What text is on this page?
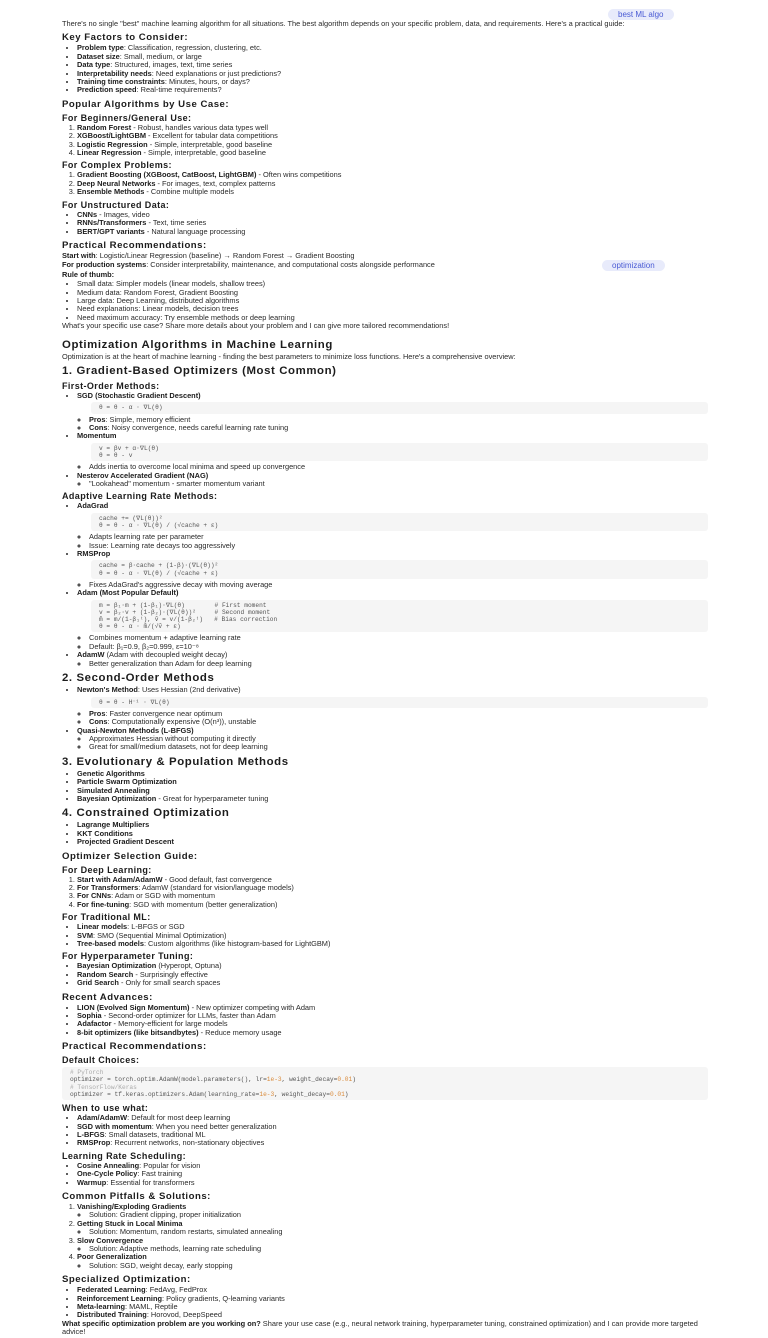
best ML algo
optimization

There's no single "best" machine learning algorithm for all situations. The best algorithm depends on your specific problem, data, and requirements. Here's a practical guide:

Key Factors to Consider:
• Problem type: Classification, regression, clustering, etc.
• Dataset size: Small, medium, or large
• Data type: Structured, images, text, time series
• Interpretability needs: Need explanations or just predictions?
• Training time constraints: Minutes, hours, or days?
• Prediction speed: Real-time requirements?
Popular Algorithms by Use Case:
For Beginners/General Use:
1. Random Forest - Robust, handles various data types well
2. XGBoost/LightGBM - Excellent for tabular data competitions
3. Logistic Regression - Simple, interpretable, good baseline
4. Linear Regression - Simple, interpretable, good baseline
For Complex Problems:
1. Gradient Boosting (XGBoost, CatBoost, LightGBM) - Often wins competitions
2. Deep Neural Networks - For images, text, complex patterns
3. Ensemble Methods - Combine multiple models
For Unstructured Data:
• CNNs - Images, video
• RNNs/Transformers - Text, time series
• BERT/GPT variants - Natural language processing
Practical Recommendations:

Start with: Logistic/Linear Regression (baseline) → Random Forest → Gradient Boosting

For production systems: Consider interpretability, maintenance, and computational costs alongside performance

Rule of thumb:

• Small data: Simpler models (linear models, shallow trees)
• Medium data: Random Forest, Gradient Boosting
• Large data: Deep Learning, distributed algorithms
• Need explanations: Linear models, decision trees
• Need maximum accuracy: Try ensemble methods or deep learning

What's your specific use case? Share more details about your problem and I can give more tailored recommendations!

Optimization Algorithms in Machine Learning

Optimization is at the heart of machine learning - finding the best parameters to minimize loss functions. Here's a comprehensive overview:

1. Gradient-Based Optimizers (Most Common)
First-Order Methods:
• SGD (Stochastic Gradient Descent)
θ = θ - α · ∇L(θ)
◦ Pros: Simple, memory efficient
◦ Cons: Noisy convergence, needs careful learning rate tuning
• Momentum
v = βv + α·∇L(θ)
θ = θ - v
◦ Adds inertia to overcome local minima and speed up convergence
• Nesterov Accelerated Gradient (NAG)
◦ "Lookahead" momentum - smarter momentum variant
Adaptive Learning Rate Methods:
• AdaGrad
cache += (∇L(θ))²
θ = θ - α · ∇L(θ) / (√cache + ε)
◦ Adapts learning rate per parameter
◦ Issue: Learning rate decays too aggressively
• RMSProp
cache = β·cache + (1-β)·(∇L(θ))²
θ = θ - α · ∇L(θ) / (√cache + ε)
◦ Fixes AdaGrad's aggressive decay with moving average
• Adam (Most Popular Default)
m = β₁·m + (1-β₁)·∇L(θ)        # First moment
v = β₂·v + (1-β₂)·(∇L(θ))²     # Second moment
m̂ = m/(1-β₁ᵗ), v̂ = v/(1-β₂ᵗ)   # Bias correction
θ = θ - α · m̂/(√v̂ + ε)
◦ Combines momentum + adaptive learning rate
◦ Default: β₁=0.9, β₂=0.999, ε=10⁻⁸
• AdamW (Adam with decoupled weight decay)
◦ Better generalization than Adam for deep learning
2. Second-Order Methods
• Newton's Method: Uses Hessian (2nd derivative)
θ = θ - H⁻¹ · ∇L(θ)
◦ Pros: Faster convergence near optimum
◦ Cons: Computationally expensive (O(n³)), unstable
• Quasi-Newton Methods (L-BFGS)
◦ Approximates Hessian without computing it directly
◦ Great for small/medium datasets, not for deep learning
3. Evolutionary & Population Methods
• Genetic Algorithms
• Particle Swarm Optimization
• Simulated Annealing
• Bayesian Optimization - Great for hyperparameter tuning
4. Constrained Optimization
• Lagrange Multipliers
• KKT Conditions
• Projected Gradient Descent
Optimizer Selection Guide:
For Deep Learning:
1. Start with Adam/AdamW - Good default, fast convergence
2. For Transformers: AdamW (standard for vision/language models)
3. For CNNs: Adam or SGD with momentum
4. For fine-tuning: SGD with momentum (better generalization)
For Traditional ML:
• Linear models: L-BFGS or SGD
• SVM: SMO (Sequential Minimal Optimization)
• Tree-based models: Custom algorithms (like histogram-based for LightGBM)
For Hyperparameter Tuning:
• Bayesian Optimization (Hyperopt, Optuna)
• Random Search - Surprisingly effective
• Grid Search - Only for small search spaces
Recent Advances:
• LION (Evolved Sign Momentum) - New optimizer competing with Adam
• Sophia - Second-order optimizer for LLMs, faster than Adam
• Adafactor - Memory-efficient for large models
• 8-bit optimizers (like bitsandbytes) - Reduce memory usage
Practical Recommendations:
Default Choices:
# PyTorch
optimizer = torch.optim.AdamW(model.parameters(), lr=1e-3, weight_decay=0.01)
# TensorFlow/Keras
optimizer = tf.keras.optimizers.Adam(learning_rate=1e-3, weight_decay=0.01)
When to use what:
• Adam/AdamW: Default for most deep learning
• SGD with momentum: When you need better generalization
• L-BFGS: Small datasets, traditional ML
• RMSProp: Recurrent networks, non-stationary objectives
Learning Rate Scheduling:
• Cosine Annealing: Popular for vision
• One-Cycle Policy: Fast training
• Warmup: Essential for transformers
Common Pitfalls & Solutions:
1. Vanishing/Exploding Gradients
◦ Solution: Gradient clipping, proper initialization
2. Getting Stuck in Local Minima
◦ Solution: Momentum, random restarts, simulated annealing
3. Slow Convergence
◦ Solution: Adaptive methods, learning rate scheduling
4. Poor Generalization
◦ Solution: SGD, weight decay, early stopping
Specialized Optimization:
• Federated Learning: FedAvg, FedProx
• Reinforcement Learning: Policy gradients, Q-learning variants
• Meta-learning: MAML, Reptile
• Distributed Training: Horovod, DeepSpeed

What specific optimization problem are you working on? Share your use case (e.g., neural network training, hyperparameter tuning, constrained optimization) and I can provide more targeted advice!
